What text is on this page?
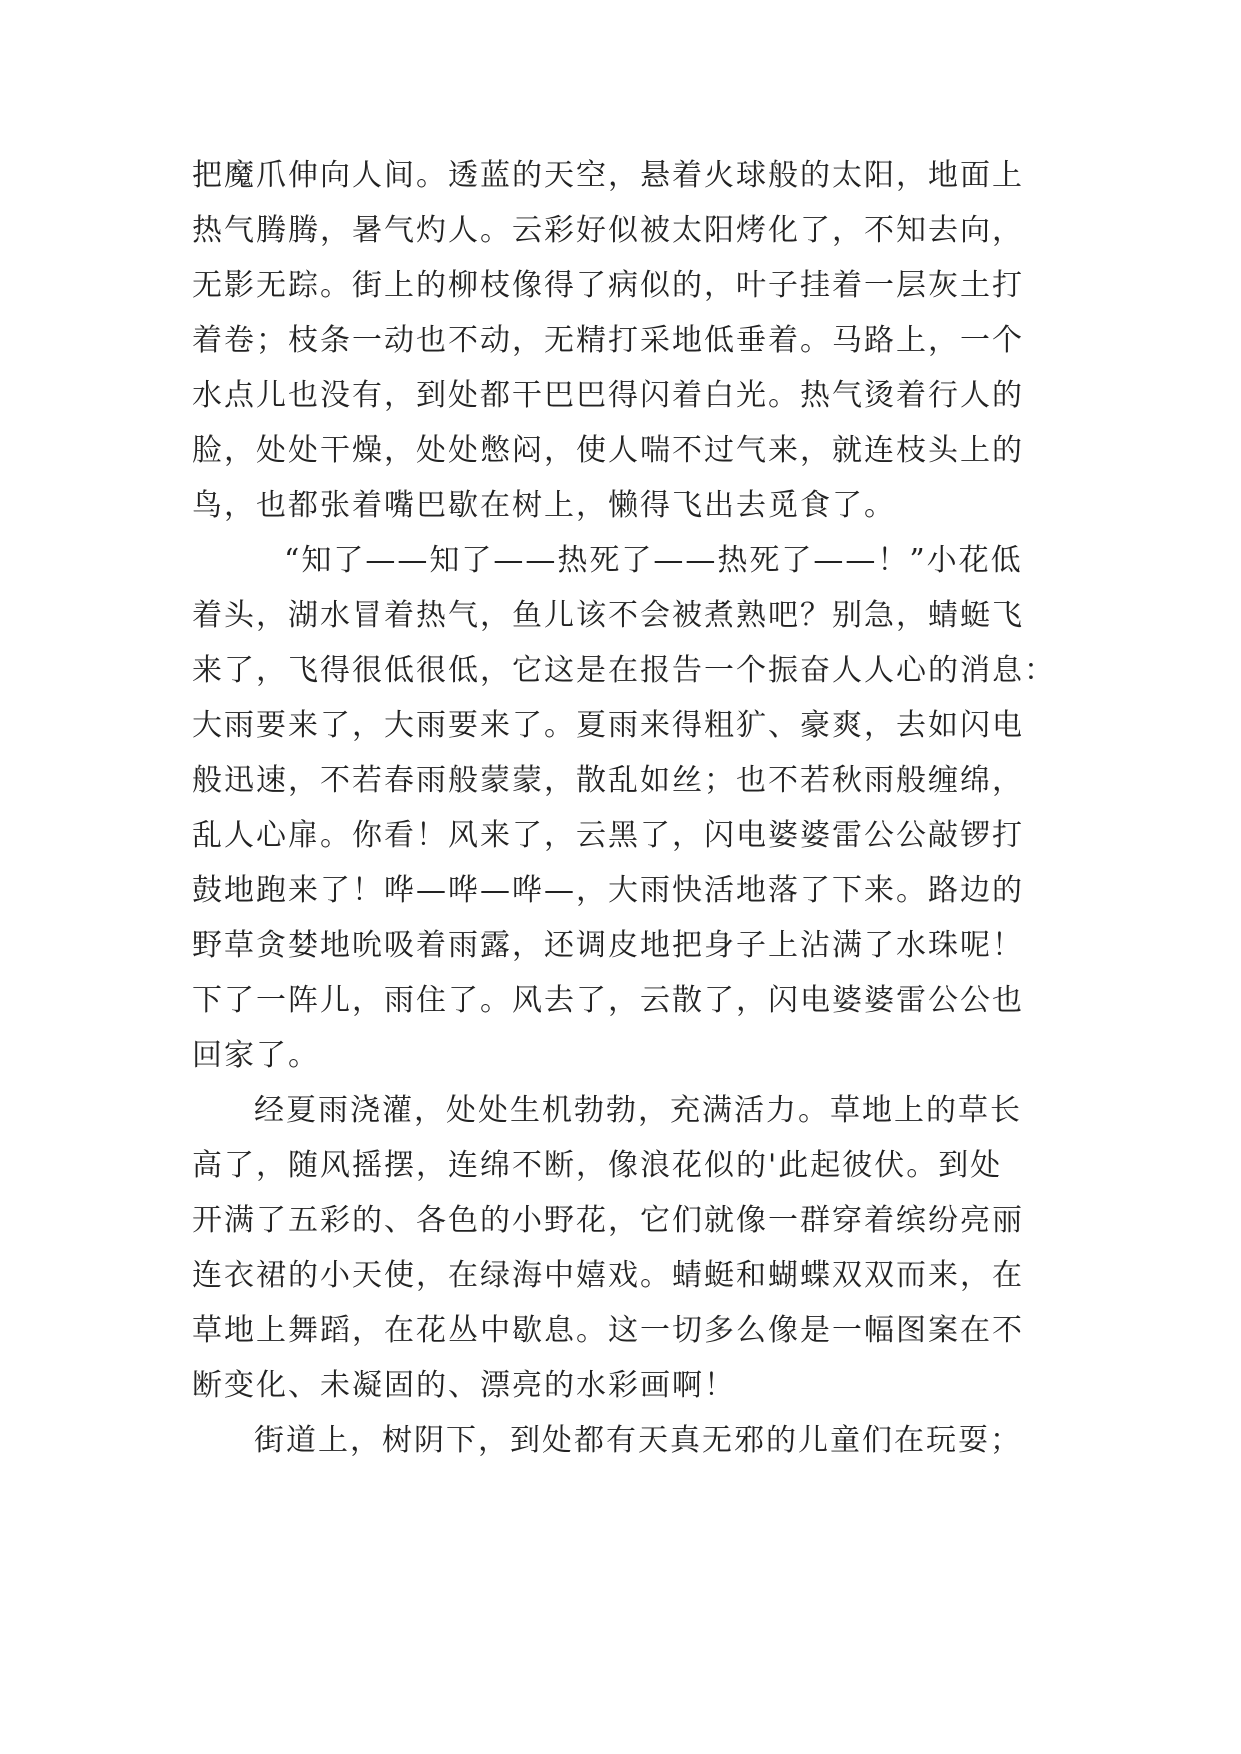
把魔爪伸向人间。透蓝的天空，悬着火球般的太阳，地面上
热气腾腾，暑气灼人。云彩好似被太阳烤化了，不知去向，
无影无踪。街上的柳枝像得了病似的，叶子挂着一层灰土打
着卷；枝条一动也不动，无精打采地低垂着。马路上，一个
水点儿也没有，到处都干巴巴得闪着白光。热气烫着行人的
脸，处处干燥，处处憋闷，使人喘不过气来，就连枝头上的
鸟，也都张着嘴巴歇在树上，懒得飞出去觅食了。
“知了——知了——热死了——热死了——！”小花低
着头，湖水冒着热气，鱼儿该不会被煮熟吧？别急，蜻蜓飞
来了，飞得很低很低，它这是在报告一个振奋人人心的消息：
大雨要来了，大雨要来了。夏雨来得粗犷、豪爽，去如闪电
般迅速，不若春雨般蒙蒙，散乱如丝；也不若秋雨般缠绵，
乱人心扉。你看！风来了，云黑了，闪电婆婆雷公公敲锣打
鼓地跑来了！哗—哗—哗—，大雨快活地落了下来。路边的
野草贪婪地吮吸着雨露，还调皮地把身子上沾满了水珠呢！
下了一阵儿，雨住了。风去了，云散了，闪电婆婆雷公公也
回家了。
经夏雨浇灌，处处生机勃勃，充满活力。草地上的草长
高了，随风摇摆，连绵不断，像浪花似的'此起彼伏。到处
开满了五彩的、各色的小野花，它们就像一群穿着缤纷亮丽
连衣裙的小天使，在绿海中嬉戏。蜻蜓和蝴蝶双双而来，在
草地上舞蹈，在花丛中歇息。这一切多么像是一幅图案在不
断变化、未凝固的、漂亮的水彩画啊！
街道上，树阴下，到处都有天真无邪的儿童们在玩耍；
